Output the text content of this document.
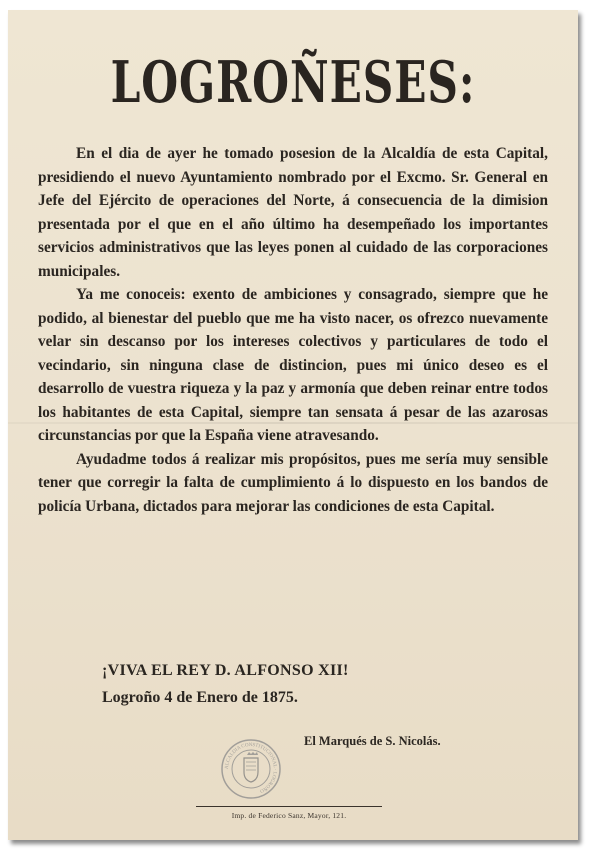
LOGROÑESES:

En el dia de ayer he tomado posesion de la Alcaldía de esta Capital, presidiendo el nuevo Ayuntamiento nombrado por el Excmo. Sr. General en Jefe del Ejército de operaciones del Norte, á consecuencia de la dimision presentada por el que en el año último ha desempeñado los importantes servicios administrativos que las leyes ponen al cuidado de las corporaciones municipales.

Ya me conoceis: exento de ambiciones y consagrado, siempre que he podido, al bienestar del pueblo que me ha visto nacer, os ofrezco nuevamente velar sin descanso por los intereses colectivos y particulares de todo el vecindario, sin ninguna clase de distincion, pues mi único deseo es el desarrollo de vuestra riqueza y la paz y armonía que deben reinar entre todos los habitantes de esta Capital, siempre tan sensata á pesar de las azarosas circunstancias por que la España viene atravesando.

Ayudadme todos á realizar mis propósitos, pues me sería muy sensible tener que corregir la falta de cumplimiento á lo dispuesto en los bandos de policía Urbana, dictados para mejorar las condiciones de esta Capital.

¡VIVA EL REY D. ALFONSO XII!
Logroño 4 de Enero de 1875.
ALCALDIA CONSTITUCIONAL · LOGROÑO
El Marqués de S. Nicolás.
Imp. de Federico Sanz, Mayor, 121.
